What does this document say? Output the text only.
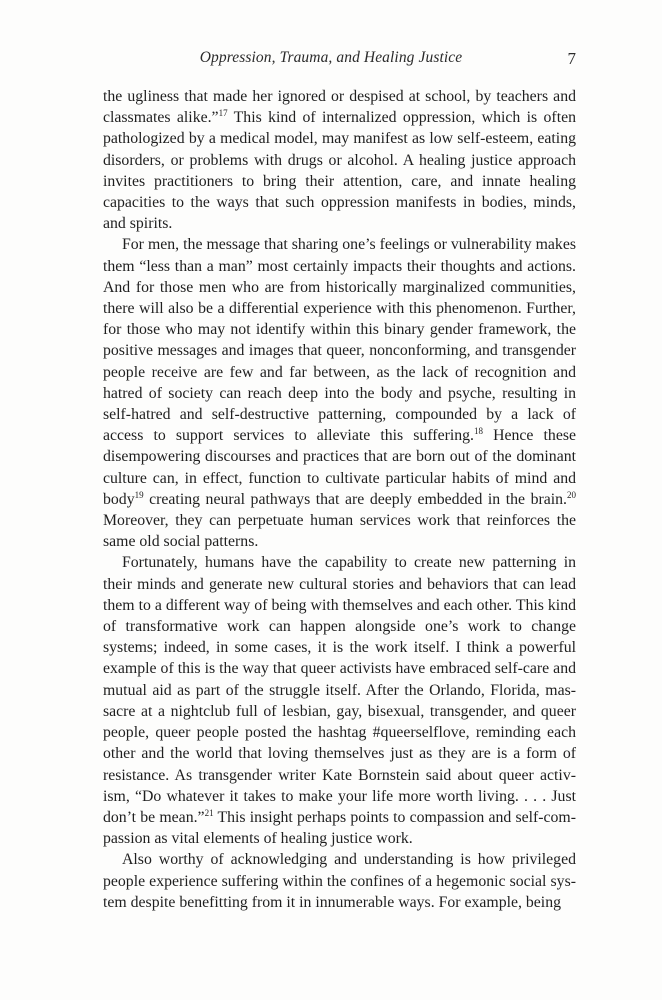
Oppression, Trauma, and Healing Justice	7

the ugliness that made her ignored or despised at school, by teachers and classmates alike.”$^{17}$ This kind of internalized oppression, which is often pathologized by a medical model, may manifest as low self-esteem, eating disorders, or problems with drugs or alcohol. A healing justice approach invites practitioners to bring their attention, care, and innate healing capacities to the ways that such oppression manifests in bodies, minds, and spirits.

For men, the message that sharing one’s feelings or vulnerability makes them “less than a man” most certainly impacts their thoughts and actions. And for those men who are from historically marginalized communities, there will also be a differential experience with this phenomenon. Further, for those who may not identify within this binary gender framework, the positive messages and images that queer, nonconforming, and transgender people receive are few and far between, as the lack of recognition and hatred of society can reach deep into the body and psyche, resulting in self-hatred and self-destructive patterning, compounded by a lack of access to support services to alleviate this suffering.$^{18}$ Hence these disempowering discourses and practices that are born out of the dominant culture can, in effect, function to cultivate particular habits of mind and body$^{19}$ creating neural pathways that are deeply embedded in the brain.$^{20}$ Moreover, they can perpetuate human services work that reinforces the same old social patterns.

Fortunately, humans have the capability to create new patterning in their minds and generate new cultural stories and behaviors that can lead them to a different way of being with themselves and each other. This kind of transformative work can happen alongside one’s work to change systems; indeed, in some cases, it is the work itself. I think a powerful example of this is the way that queer activists have embraced self-care and mutual aid as part of the struggle itself. After the Orlando, Florida, massacre at a nightclub full of lesbian, gay, bisexual, transgender, and queer people, queer people posted the hashtag #queerselflove, reminding each other and the world that loving themselves just as they are is a form of resistance. As transgender writer Kate Bornstein said about queer activism, “Do whatever it takes to make your life more worth living. . . . Just don’t be mean.”$^{21}$ This insight perhaps points to compassion and self-compassion as vital elements of healing justice work.

Also worthy of acknowledging and understanding is how privileged people experience suffering within the confines of a hegemonic social system despite benefitting from it in innumerable ways. For example, being
